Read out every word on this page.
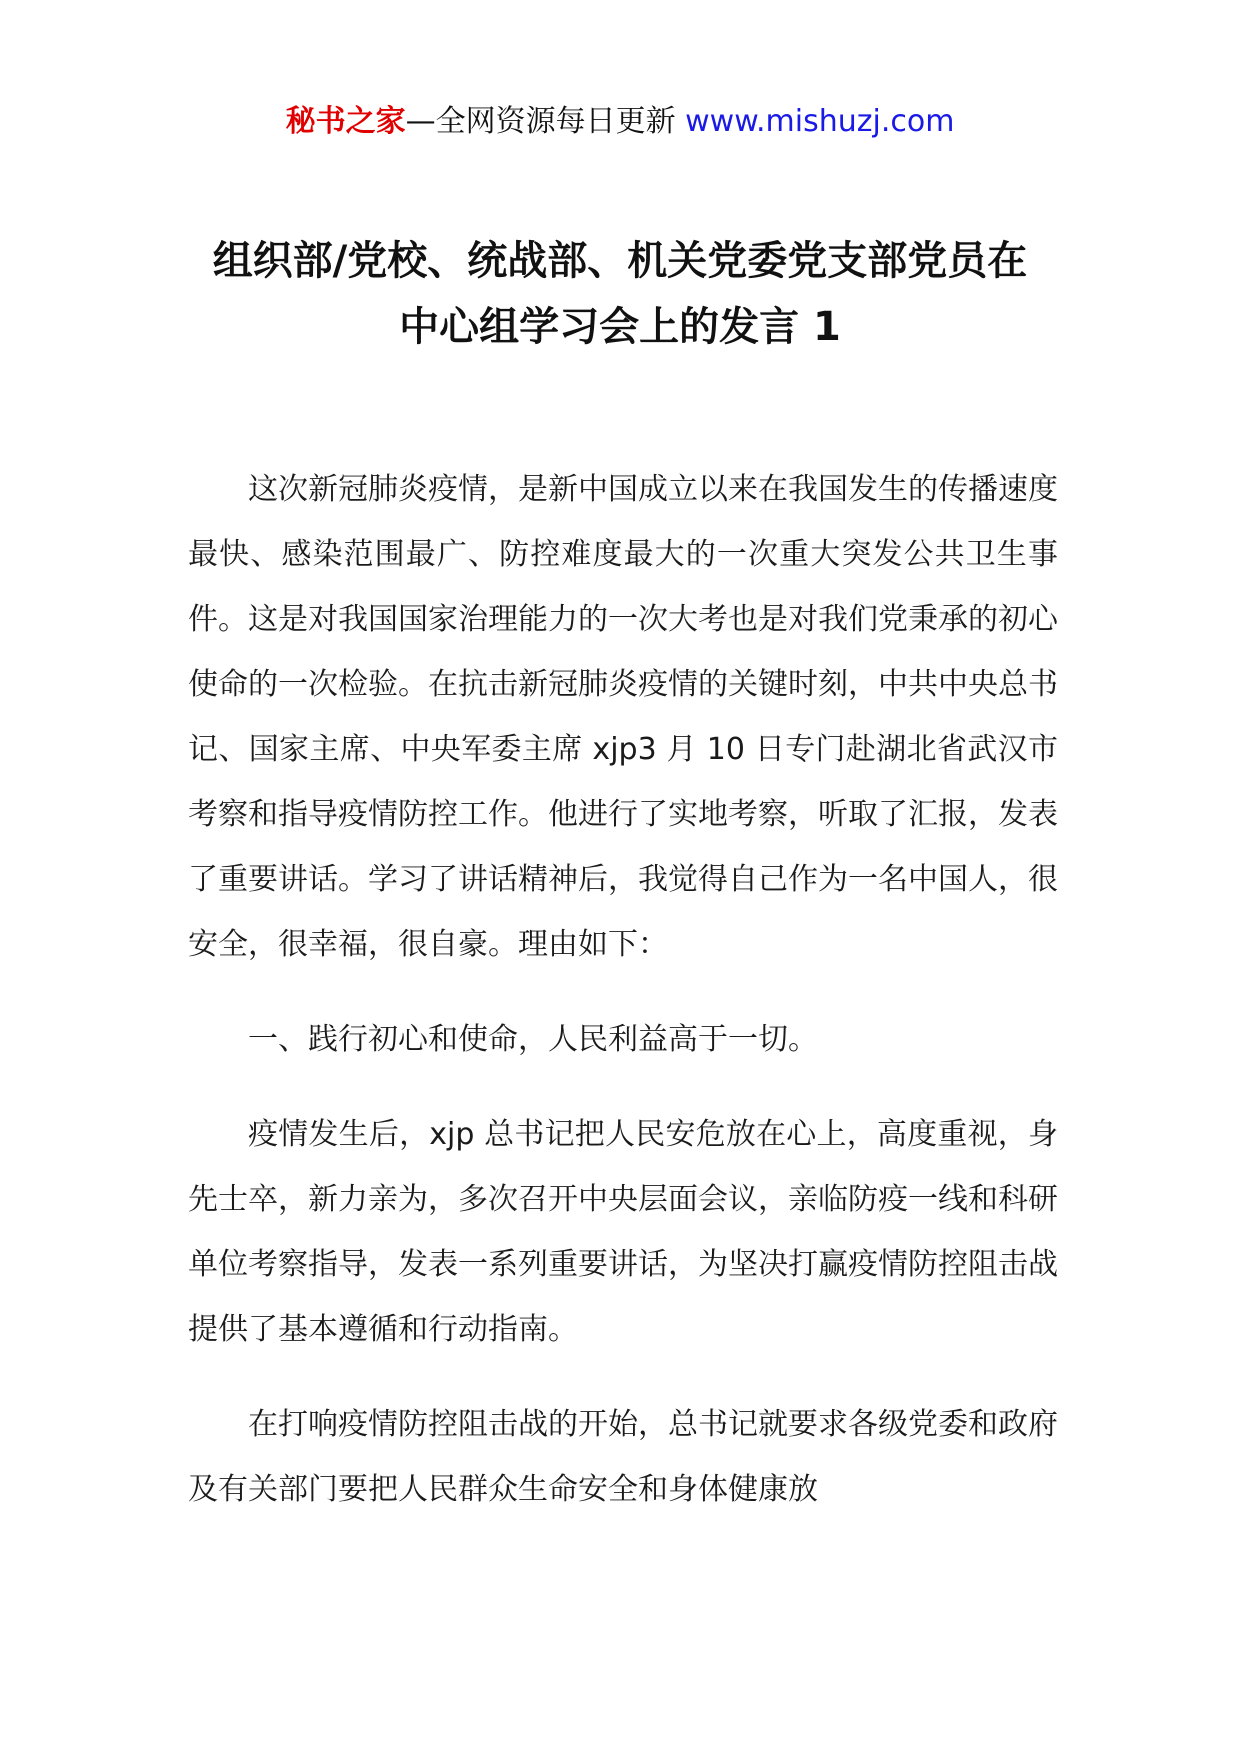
秘书之家—全网资源每日更新 www.mishuzj.com
组织部/党校、统战部、机关党委党支部党员在
中心组学习会上的发言 1

这次新冠肺炎疫情，是新中国成立以来在我国发生的传播速度最快、感染范围最广、防控难度最大的一次重大突发公共卫生事件。这是对我国国家治理能力的一次大考也是对我们党秉承的初心使命的一次检验。在抗击新冠肺炎疫情的关键时刻，中共中央总书记、国家主席、中央军委主席 xjp3 月 10 日专门赴湖北省武汉市考察和指导疫情防控工作。他进行了实地考察，听取了汇报，发表了重要讲话。学习了讲话精神后，我觉得自己作为一名中国人，很安全，很幸福，很自豪。理由如下：

一、践行初心和使命，人民利益高于一切。

疫情发生后，xjp 总书记把人民安危放在心上，高度重视，身先士卒，新力亲为，多次召开中央层面会议，亲临防疫一线和科研单位考察指导，发表一系列重要讲话，为坚决打赢疫情防控阻击战提供了基本遵循和行动指南。

在打响疫情防控阻击战的开始，总书记就要求各级党委和政府及有关部门要把人民群众生命安全和身体健康放
